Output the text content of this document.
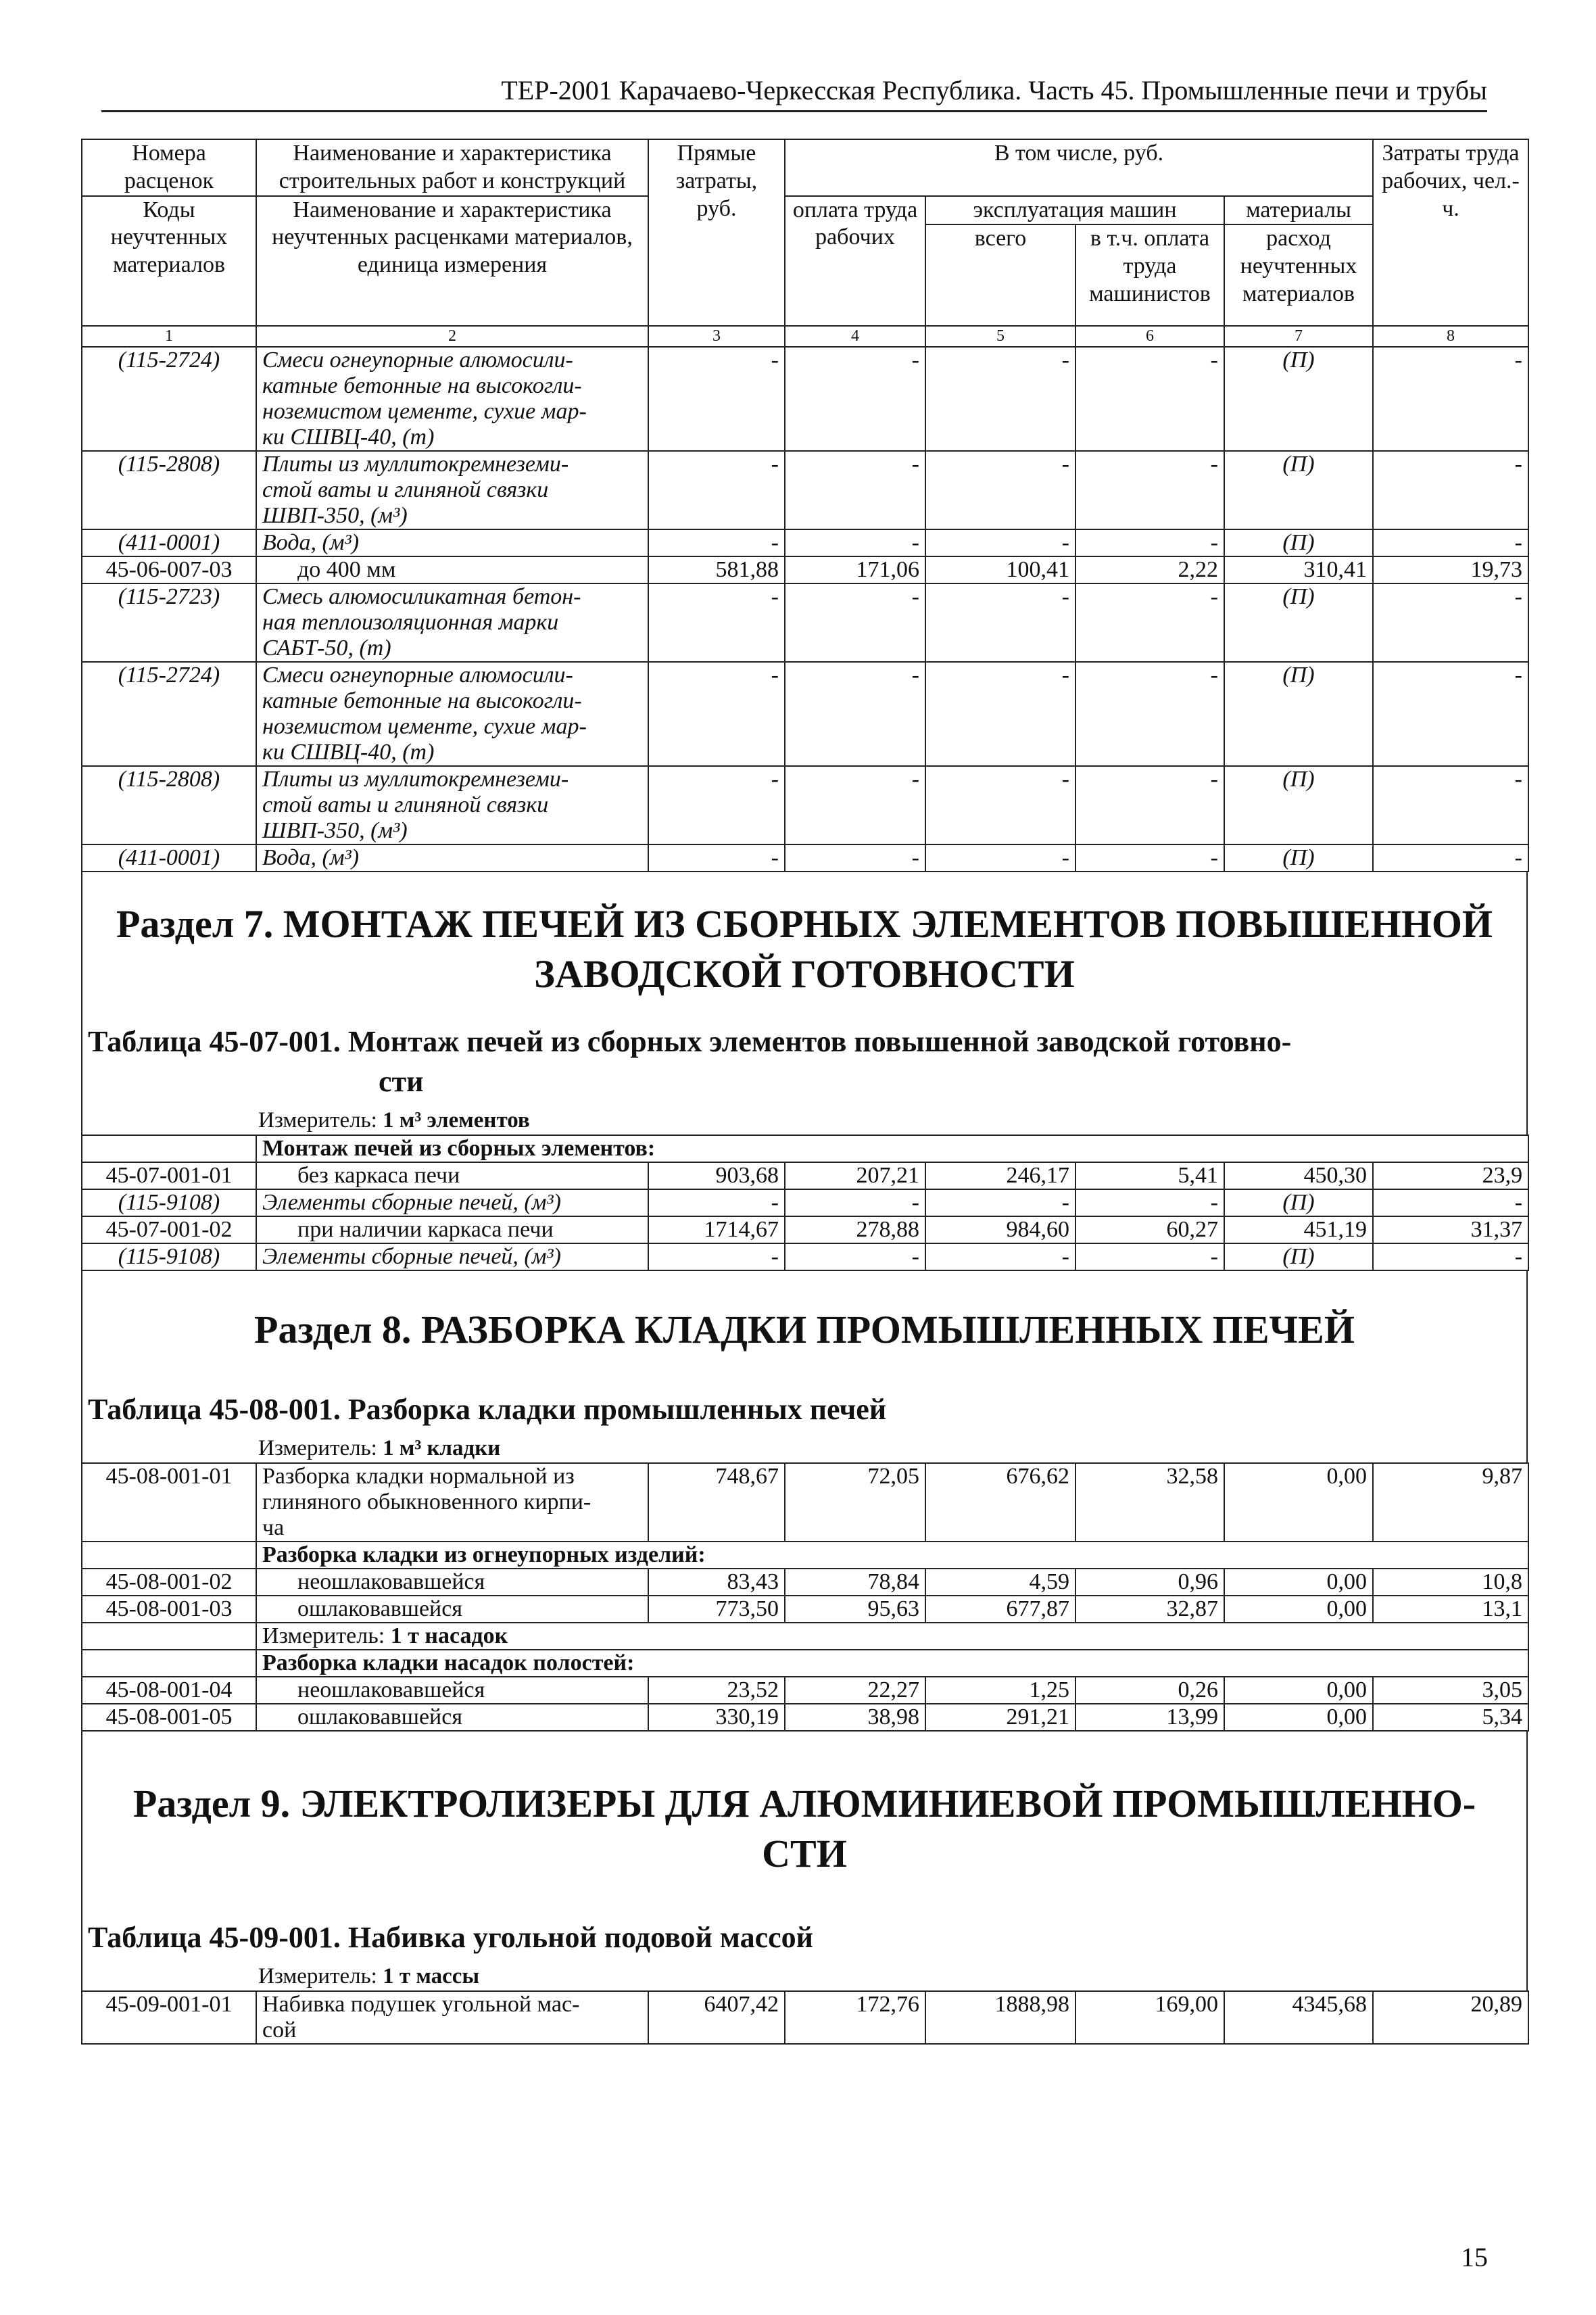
ТЕР-2001 Карачаево-Черкесская Республика. Часть 45. Промышленные печи и трубы
Номера расценок	Наименование и характеристика строительных работ и конструкций	Прямые затраты, руб.	В том числе, руб.				Затраты труда рабочих, чел.-ч.
Коды неучтенных материалов	Наименование и характеристика неучтенных расценками материалов, единица измерения		оплата труда рабочих	эксплуатация машин		материалы	
				всего	в т.ч. оплата труда машинистов	расход неучтенных материалов	
1	2	3	4	5	6	7	8
(115-2724)	Смеси огнеупорные алюмосили-
катные бетонные на высокогли-
ноземистом цементе, сухие мар-
ки СШВЦ-40, (т)	-	-	-	-	(П)	-
(115-2808)	Плиты из муллитокремнеземи-
стой ваты и глиняной связки
ШВП-350, (м³)	-	-	-	-	(П)	-
(411-0001)	Вода, (м³)	-	-	-	-	(П)	-
45-06-007-03	до 400 мм	581,88	171,06	100,41	2,22	310,41	19,73
(115-2723)	Смесь алюмосиликатная бетон-
ная теплоизоляционная марки
САБТ-50, (т)	-	-	-	-	(П)	-
(115-2724)	Смеси огнеупорные алюмосили-
катные бетонные на высокогли-
ноземистом цементе, сухие мар-
ки СШВЦ-40, (т)	-	-	-	-	(П)	-
(115-2808)	Плиты из муллитокремнеземи-
стой ваты и глиняной связки
ШВП-350, (м³)	-	-	-	-	(П)	-
(411-0001)	Вода, (м³)	-	-	-	-	(П)	-
Раздел 7. МОНТАЖ ПЕЧЕЙ ИЗ СБОРНЫХ ЭЛЕМЕНТОВ ПОВЫШЕННОЙ
ЗАВОДСКОЙ ГОТОВНОСТИ
Таблица 45-07-001. Монтаж печей из сборных элементов повышенной заводской готовно-
сти
Измеритель: 1 м³ элементов
	Монтаж печей из сборных элементов:						
45-07-001-01	без каркаса печи	903,68	207,21	246,17	5,41	450,30	23,9
(115-9108)	Элементы сборные печей, (м³)	-	-	-	-	(П)	-
45-07-001-02	при наличии каркаса печи	1714,67	278,88	984,60	60,27	451,19	31,37
(115-9108)	Элементы сборные печей, (м³)	-	-	-	-	(П)	-
Раздел 8. РАЗБОРКА КЛАДКИ ПРОМЫШЛЕННЫХ ПЕЧЕЙ
Таблица 45-08-001. Разборка кладки промышленных печей
Измеритель: 1 м³ кладки
45-08-001-01	Разборка кладки нормальной из
глиняного обыкновенного кирпи-
ча	748,67	72,05	676,62	32,58	0,00	9,87
	Разборка кладки из огнеупорных изделий:						
45-08-001-02	неошлаковавшейся	83,43	78,84	4,59	0,96	0,00	10,8
45-08-001-03	ошлаковавшейся	773,50	95,63	677,87	32,87	0,00	13,1
	Измеритель: 1 т насадок						
	Разборка кладки насадок полостей:						
45-08-001-04	неошлаковавшейся	23,52	22,27	1,25	0,26	0,00	3,05
45-08-001-05	ошлаковавшейся	330,19	38,98	291,21	13,99	0,00	5,34
Раздел 9. ЭЛЕКТРОЛИЗЕРЫ ДЛЯ АЛЮМИНИЕВОЙ ПРОМЫШЛЕННО-
СТИ
Таблица 45-09-001. Набивка угольной подовой массой
Измеритель: 1 т массы
45-09-001-01	Набивка подушек угольной мас-
сой
	6407,42	172,76	1888,98	169,00	4345,68	20,89
15
